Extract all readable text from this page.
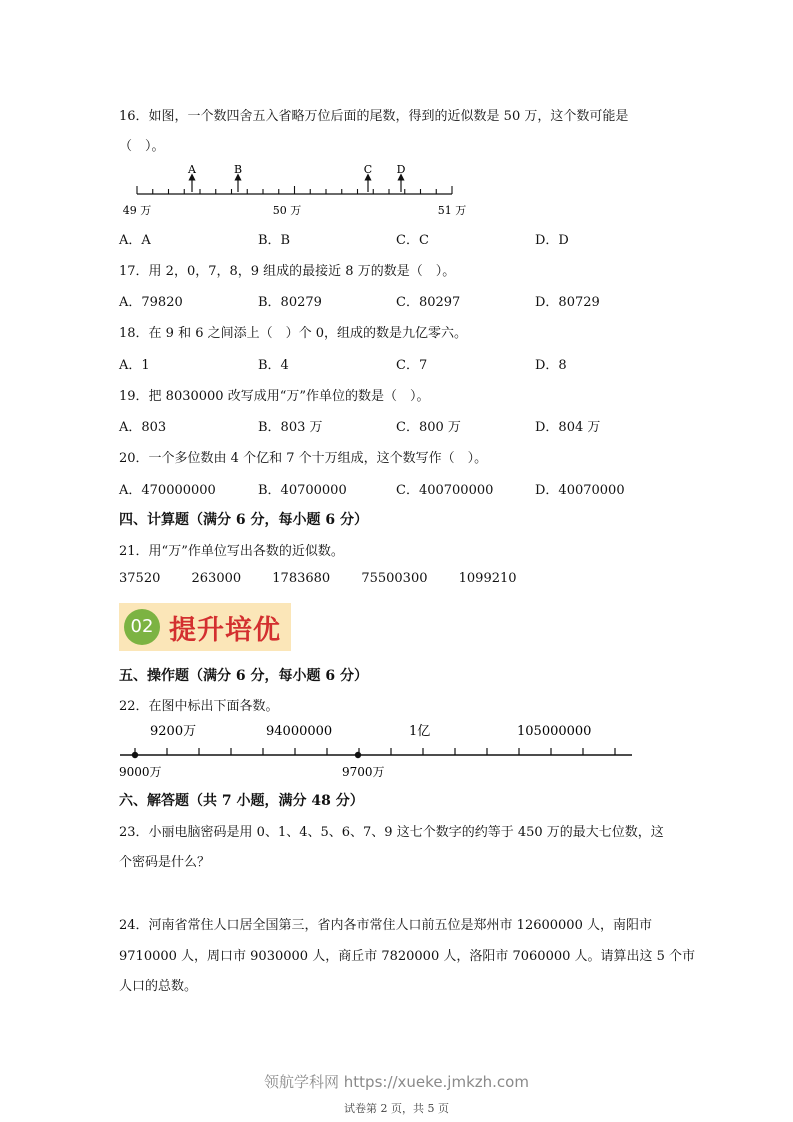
16．如图，一个数四舍五入省略万位后面的尾数，得到的近似数是 50 万，这个数可能是
（　）。
A	B	C D
49 万	50 万	51 万
A．A	B．B	C．C	D．D
17．用 2，0，7，8，9 组成的最接近 8 万的数是（　）。
A．79820	B．80279	C．80297	D．80729
18．在 9 和 6 之间添上（　）个 0，组成的数是九亿零六。
A．1	B．4	C．7	D．8
19．把 8030000 改写成用“万”作单位的数是（　）。
A．803	B．803 万	C．800 万	D．804 万
20．一个多位数由 4 个亿和 7 个十万组成，这个数写作（　）。
A．470000000	B．40700000	C．400700000	D．40070000
四、计算题（满分 6 分，每小题 6 分）
21．用“万”作单位写出各数的近似数。
37520 263000 1783680 75500300 1099210
02 提升培优
五、操作题（满分 6 分，每小题 6 分）
22．在图中标出下面各数。
9200万	94000000	1亿	105000000
9000万	9700万
六、解答题（共 7 小题，满分 48 分）
23．小丽电脑密码是用 0、1、4、5、6、7、9 这七个数字的约等于 450 万的最大七位数，这
个密码是什么？
24．河南省常住人口居全国第三，省内各市常住人口前五位是郑州市 12600000 人，南阳市
9710000 人，周口市 9030000 人，商丘市 7820000 人，洛阳市 7060000 人。请算出这 5 个市
人口的总数。
领航学科网 https://xueke.jmkzh.com
试卷第 2 页，共 5 页
